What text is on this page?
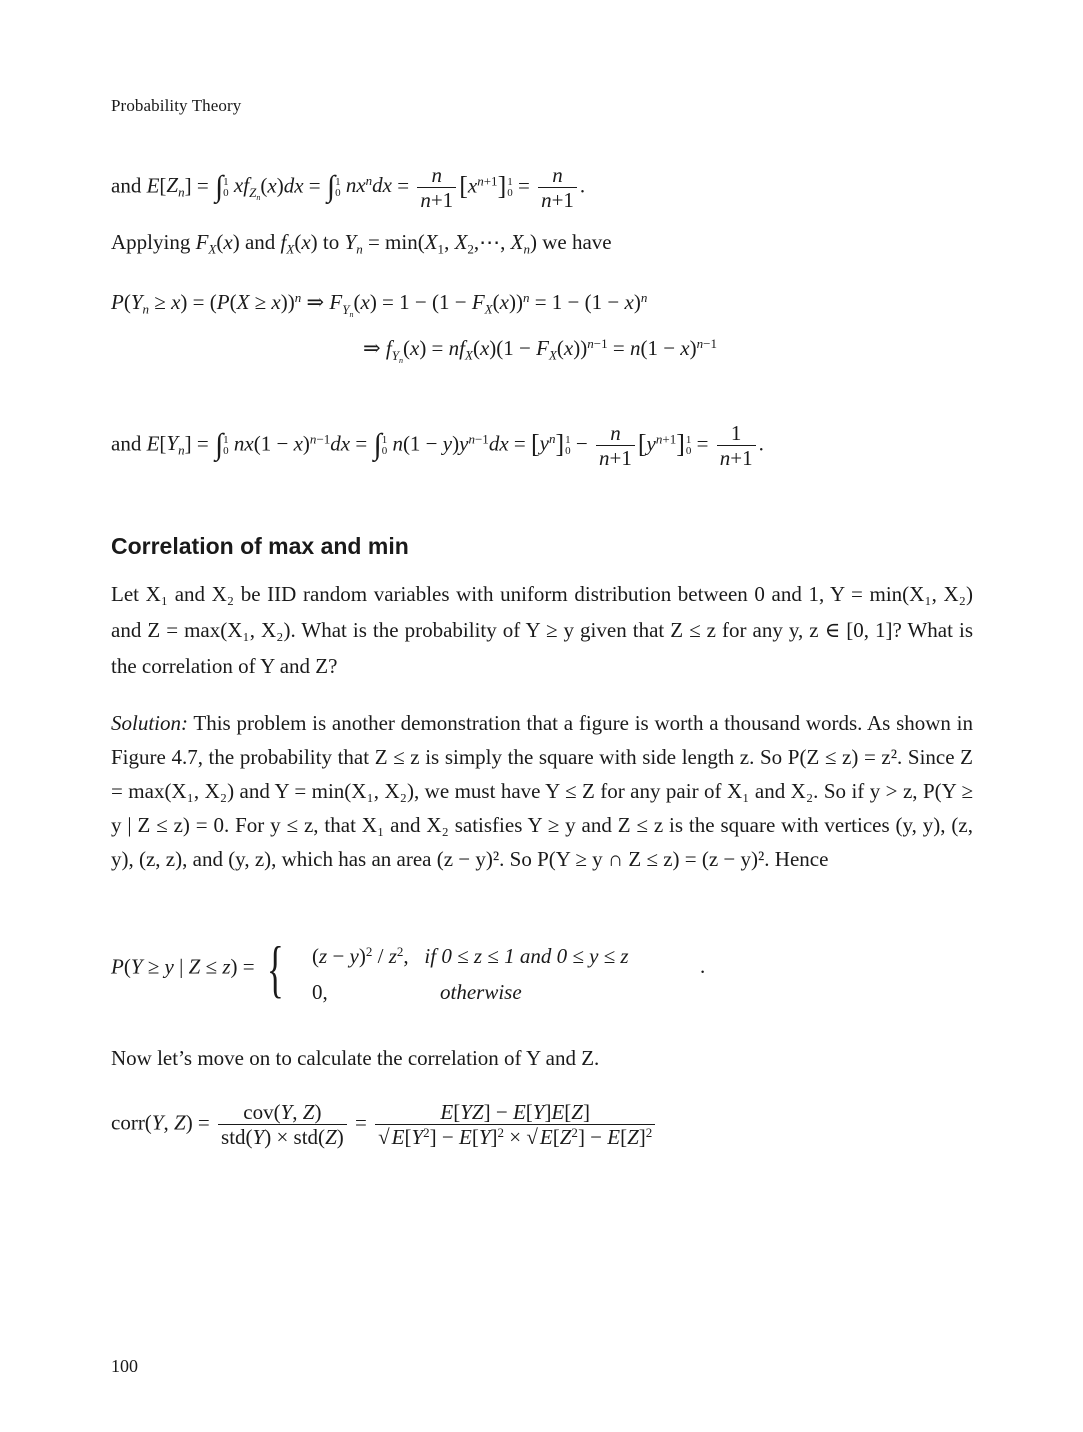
Probability Theory
and $E[Z_n]$ = ∫ 1
0 $xf_{Z_n}(x)dx$ = ∫ 1
0 $nx^ndx = \frac{n}{n+1} [x^{n+1}]$ 1
$0 = \frac{n}{n+1}$ .
Applying $F_X(x)$ and $f_X(x)$ to $Y_n = \min(X_1$, $X_2,\cdots$, $X_n$) we have
$P(Y_n \ge x) = (P(X \ge x))^n$ ⇒ $F_{Y_n}(x) = 1 - (1 - F_X(x))^n = 1 - (1 - x)^n$
⇒ $f_{Y_n}(x) = nf_X(x)(1 - F_X(x))^{n-1} = n(1 - x)^{n-1}$
and $E[Y_n]$ = ∫ 1
0 $nx(1 - x)^{n-1}dx$ = ∫ 1
0 $n(1 - y)y^{n-1}dx = [y^n]$ 1
$0 - \frac{n}{n+1} [y^{n+1}]$ 1
$0 = \frac{1}{n+1}$ .
Correlation of max and min
Let X₁ and X₂ be IID random variables with uniform distribution between 0 and 1, Y = min(X₁, X₂) and Z = max(X₁, X₂). What is the probability of Y ≥ y given that Z ≤ z for any y, z ∈ [0, 1]? What is the correlation of Y and Z?
Solution: This problem is another demonstration that a figure is worth a thousand words. As shown in Figure 4.7, the probability that Z ≤ z is simply the square with side length z. So P(Z ≤ z) = z². Since Z = max(X₁, X₂) and Y = min(X₁, X₂), we must have Y ≤ Z for any pair of X₁ and X₂. So if y > z, P(Y ≥ y | Z ≤ z) = 0. For y ≤ z, that X₁ and X₂ satisfies Y ≥ y and Z ≤ z is the square with vertices (y, y), (z, y), (z, z), and (y, z), which has an area (z − y)². So P(Y ≥ y ∩ Z ≤ z) = (z − y)². Hence
P(Y ≥ y | Z ≤ z) = {	$(z - y)^2 / z^2$,   if 0 ≤ z ≤ 1 and 0 ≤ y ≤ z	.
0,	otherwise
Now let’s move on to calculate the correlation of Y and Z.
corr(Y, $Z) = \frac{\text{cov(Y, Z)}}{\text{std(Y) × std(Z)}} = \frac{E[YZ] - E[Y]E[Z]}{√E[Y^2] - E[Y]^2 \times √E[Z^2] - E[Z]^2}$
100
